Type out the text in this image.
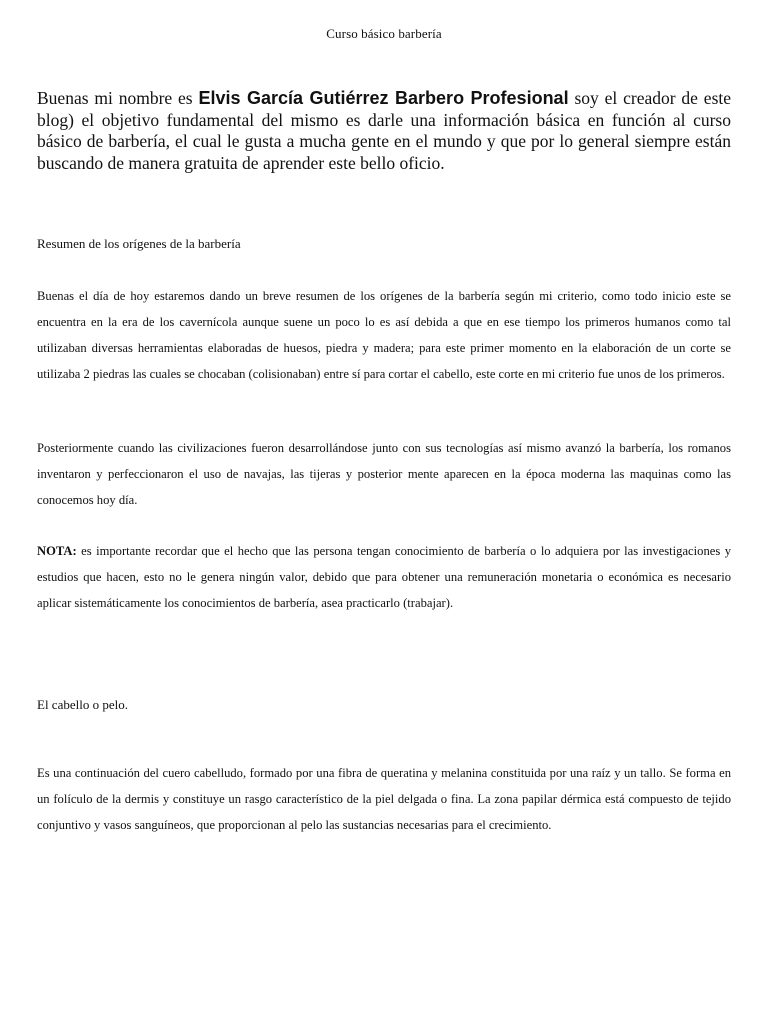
Curso básico barbería
Buenas mi nombre es Elvis García Gutiérrez Barbero Profesional soy el creador de este blog) el objetivo fundamental del mismo es darle una información básica en función al curso básico de barbería, el cual le gusta a mucha gente en el mundo y que por lo general siempre están buscando de manera gratuita de aprender este bello oficio.
Resumen de los orígenes de la barbería
Buenas el día de hoy estaremos dando un breve resumen de los orígenes de la barbería según mi criterio, como todo inicio este se encuentra en la era de los cavernícola aunque suene un poco lo es así debida a que en ese tiempo los primeros humanos como tal utilizaban diversas herramientas elaboradas de huesos, piedra y madera; para este primer momento en la elaboración de un corte se utilizaba 2 piedras las cuales se chocaban (colisionaban) entre sí para cortar el cabello, este corte en mi criterio fue unos de los primeros.
Posteriormente cuando las civilizaciones fueron desarrollándose junto con sus tecnologías así mismo avanzó la barbería, los romanos inventaron y perfeccionaron el uso de navajas, las tijeras y posterior mente aparecen en la época moderna las maquinas como las conocemos hoy día.
NOTA: es importante recordar que el hecho que las persona tengan conocimiento de barbería o lo adquiera por las investigaciones y estudios que hacen, esto no le genera ningún valor, debido que para obtener una remuneración monetaria o económica es necesario aplicar sistemáticamente los conocimientos de barbería, asea practicarlo (trabajar).
El cabello o pelo.
Es una continuación del cuero cabelludo, formado por una fibra de queratina y melanina constituida por una raíz y un tallo. Se forma en un folículo de la dermis y constituye un rasgo característico de la piel delgada o fina. La zona papilar dérmica está compuesto de tejido conjuntivo y vasos sanguíneos, que proporcionan al pelo las sustancias necesarias para el crecimiento.
